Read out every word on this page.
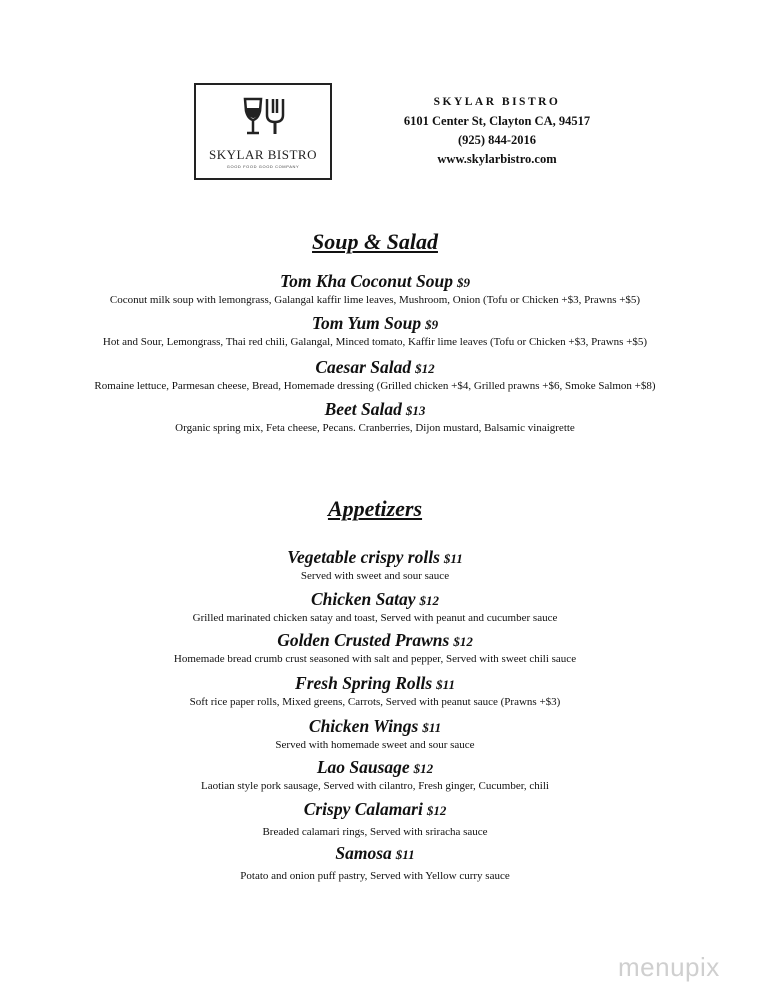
SKYLAR BISTRO
GOOD FOOD GOOD COMPANY
SKYLAR BISTRO
6101 Center St, Clayton CA, 94517
(925) 844-2016
www.skylarbistro.com
Soup & Salad
Tom Kha Coconut Soup $9
Coconut milk soup with lemongrass, Galangal kaffir lime leaves, Mushroom, Onion (Tofu or Chicken +$3, Prawns +$5)
Tom Yum Soup $9
Hot and Sour, Lemongrass, Thai red chili, Galangal, Minced tomato, Kaffir lime leaves (Tofu or Chicken +$3, Prawns +$5)
Caesar Salad $12
Romaine lettuce, Parmesan cheese, Bread, Homemade dressing (Grilled chicken +$4, Grilled prawns +$6, Smoke Salmon +$8)
Beet Salad $13
Organic spring mix, Feta cheese, Pecans. Cranberries, Dijon mustard, Balsamic vinaigrette
Appetizers
Vegetable crispy rolls $11
Served with sweet and sour sauce
Chicken Satay $12
Grilled marinated chicken satay and toast, Served with peanut and cucumber sauce
Golden Crusted Prawns $12
Homemade bread crumb crust seasoned with salt and pepper, Served with sweet chili sauce
Fresh Spring Rolls $11
Soft rice paper rolls, Mixed greens, Carrots, Served with peanut sauce (Prawns +$3)
Chicken Wings $11
Served with homemade sweet and sour sauce
Lao Sausage $12
Laotian style pork sausage, Served with cilantro, Fresh ginger, Cucumber, chili
Crispy Calamari $12
Breaded calamari rings, Served with sriracha sauce
Samosa $11
Potato and onion puff pastry, Served with Yellow curry sauce
menupix
